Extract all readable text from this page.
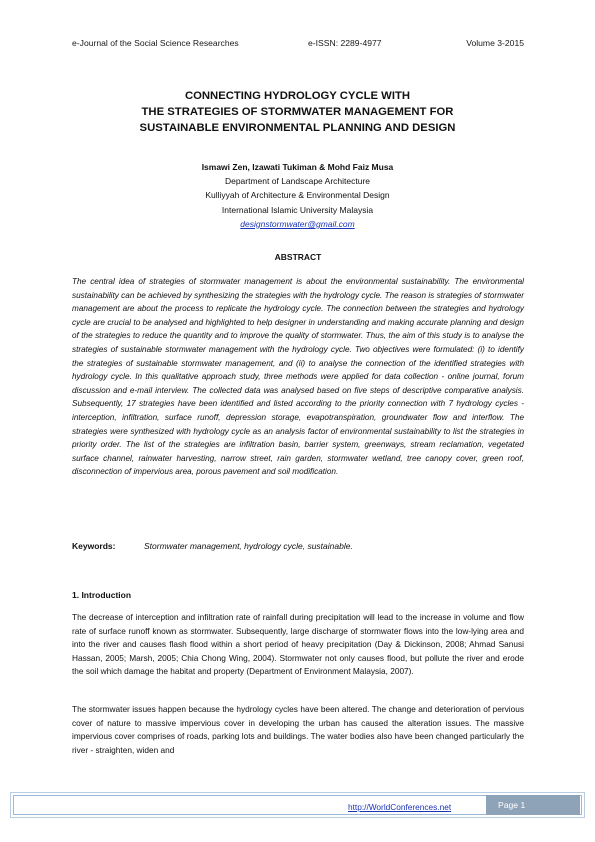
e-Journal of the Social Science Researches	e-ISSN: 2289-4977	Volume 3-2015
CONNECTING HYDROLOGY CYCLE WITH
THE STRATEGIES OF STORMWATER MANAGEMENT FOR
SUSTAINABLE ENVIRONMENTAL PLANNING AND DESIGN
Ismawi Zen, Izawati Tukiman & Mohd Faiz Musa
Department of Landscape Architecture
Kulliyyah of Architecture & Environmental Design
International Islamic University Malaysia
designstormwater@gmail.com
ABSTRACT
The central idea of strategies of stormwater management is about the environmental sustainability. The environmental sustainability can be achieved by synthesizing the strategies with the hydrology cycle. The reason is strategies of stormwater management are about the process to replicate the hydrology cycle. The connection between the strategies and hydrology cycle are crucial to be analysed and highlighted to help designer in understanding and making accurate planning and design of the strategies to reduce the quantity and to improve the quality of stormwater. Thus, the aim of this study is to analyse the strategies of sustainable stormwater management with the hydrology cycle. Two objectives were formulated: (i) to identify the strategies of sustainable stormwater management, and (ii) to analyse the connection of the identified strategies with hydrology cycle. In this qualitative approach study, three methods were applied for data collection - online journal, forum discussion and e-mail interview. The collected data was analysed based on five steps of descriptive comparative analysis. Subsequently, 17 strategies have been identified and listed according to the priority connection with 7 hydrology cycles - interception, infiltration, surface runoff, depression storage, evapotranspiration, groundwater flow and interflow. The strategies were synthesized with hydrology cycle as an analysis factor of environmental sustainability to list the strategies in priority order. The list of the strategies are infiltration basin, barrier system, greenways, stream reclamation, vegetated surface channel, rainwater harvesting, narrow street, rain garden, stormwater wetland, tree canopy cover, green roof, disconnection of impervious area, porous pavement and soil modification.
Keywords:	Stormwater management, hydrology cycle, sustainable.
1. Introduction
The decrease of interception and infiltration rate of rainfall during precipitation will lead to the increase in volume and flow rate of surface runoff known as stormwater. Subsequently, large discharge of stormwater flows into the low-lying area and into the river and causes flash flood within a short period of heavy precipitation (Day & Dickinson, 2008; Ahmad Sanusi Hassan, 2005; Marsh, 2005; Chia Chong Wing, 2004). Stormwater not only causes flood, but pollute the river and erode the soil which damage the habitat and property (Department of Environment Malaysia, 2007).
The stormwater issues happen because the hydrology cycles have been altered. The change and deterioration of pervious cover of nature to massive impervious cover in developing the urban has caused the alteration issues. The massive impervious cover comprises of roads, parking lots and buildings. The water bodies also have been changed particularly the river - straighten, widen and
http://WorldConferences.net	Page 1
